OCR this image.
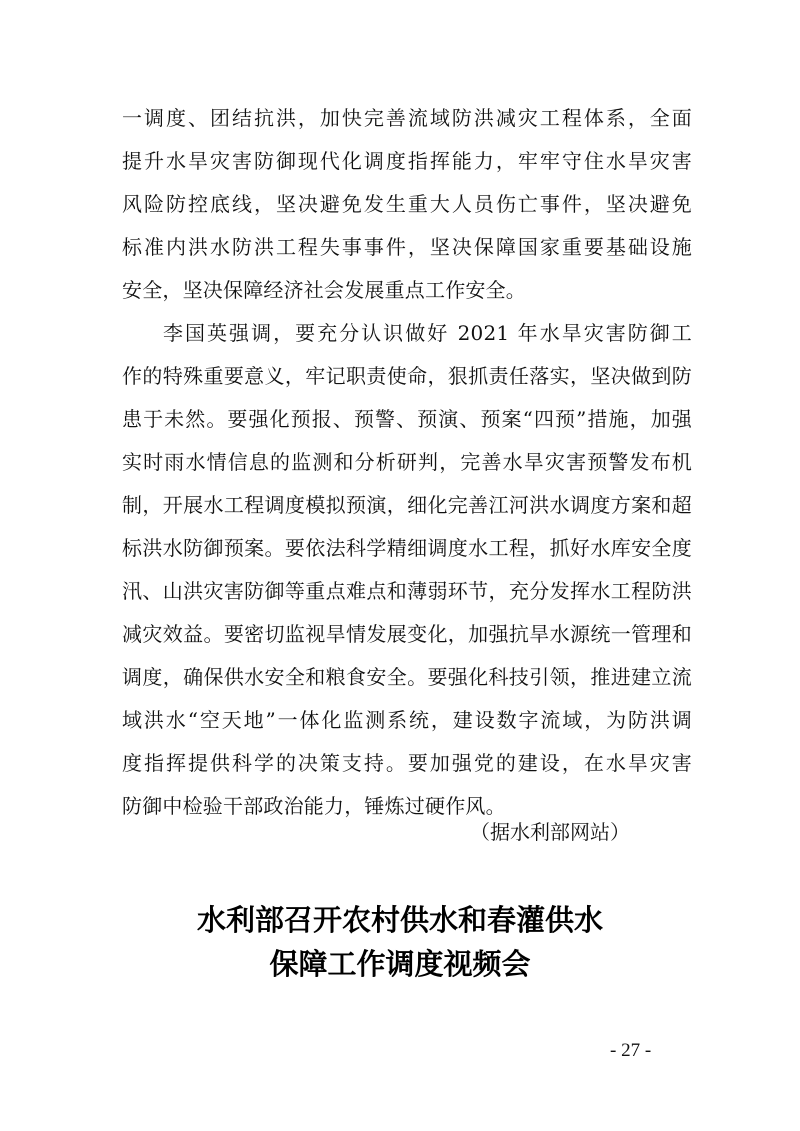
一调度、团结抗洪，加快完善流域防洪减灾工程体系，全面
提升水旱灾害防御现代化调度指挥能力，牢牢守住水旱灾害
风险防控底线，坚决避免发生重大人员伤亡事件，坚决避免
标准内洪水防洪工程失事事件，坚决保障国家重要基础设施
安全，坚决保障经济社会发展重点工作安全。
李国英强调，要充分认识做好 2021 年水旱灾害防御工
作的特殊重要意义，牢记职责使命，狠抓责任落实，坚决做到防
患于未然。要强化预报、预警、预演、预案“四预”措施，加强
实时雨水情信息的监测和分析研判，完善水旱灾害预警发布机
制，开展水工程调度模拟预演，细化完善江河洪水调度方案和超
标洪水防御预案。要依法科学精细调度水工程，抓好水库安全度
汛、山洪灾害防御等重点难点和薄弱环节，充分发挥水工程防洪
减灾效益。要密切监视旱情发展变化，加强抗旱水源统一管理和
调度，确保供水安全和粮食安全。要强化科技引领，推进建立流
域洪水“空天地”一体化监测系统，建设数字流域，为防洪调
度指挥提供科学的决策支持。要加强党的建设，在水旱灾害
防御中检验干部政治能力，锤炼过硬作风。
（据水利部网站）
水利部召开农村供水和春灌供水
保障工作调度视频会
- 27 -
